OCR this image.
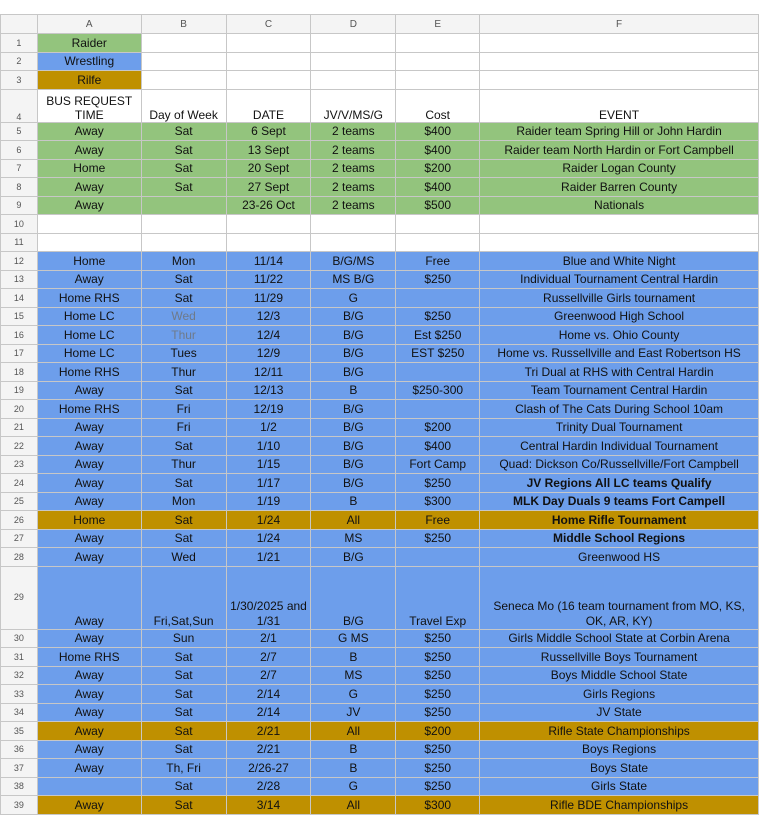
	A	B	C	D	E	F
1	Raider					
2	Wrestling					
3	Rilfe					
4	BUS REQUEST TIME	Day of Week	DATE	JV/V/MS/G	Cost	EVENT
5	Away	Sat	6 Sept	2 teams	$400	Raider team Spring Hill or John Hardin
6	Away	Sat	13 Sept	2 teams	$400	Raider team North Hardin or Fort Campbell
7	Home	Sat	20 Sept	2 teams	$200	Raider Logan County
8	Away	Sat	27 Sept	2 teams	$400	Raider Barren County
9	Away		23-26 Oct	2 teams	$500	Nationals
10						
11						
12	Home	Mon	11/14	B/G/MS	Free	Blue and White Night
13	Away	Sat	11/22	MS B/G	$250	Individual Tournament Central Hardin
14	Home RHS	Sat	11/29	G		Russellville Girls tournament
15	Home LC	Wed	12/3	B/G	$250	Greenwood High School
16	Home LC	Thur	12/4	B/G	Est $250	Home vs. Ohio County
17	Home LC	Tues	12/9	B/G	EST $250	Home vs. Russellville and East Robertson HS
18	Home RHS	Thur	12/11	B/G		Tri Dual at RHS with Central Hardin
19	Away	Sat	12/13	B	$250-300	Team Tournament Central Hardin
20	Home RHS	Fri	12/19	B/G		Clash of The Cats During School 10am
21	Away	Fri	1/2	B/G	$200	Trinity Dual Tournament
22	Away	Sat	1/10	B/G	$400	Central Hardin Individual Tournament
23	Away	Thur	1/15	B/G	Fort Camp	Quad: Dickson Co/Russellville/Fort Campbell
24	Away	Sat	1/17	B/G	$250	JV Regions All LC teams Qualify
25	Away	Mon	1/19	B	$300	MLK Day Duals 9 teams Fort Campell
26	Home	Sat	1/24	All	Free	Home Rifle Tournament
27	Away	Sat	1/24	MS	$250	Middle School Regions
28	Away	Wed	1/21	B/G		Greenwood HS
29	Away	Fri,Sat,Sun	1/30/2025 and 1/31	B/G	Travel Exp	Seneca Mo (16 team tournament from MO, KS, OK, AR, KY)
30	Away	Sun	2/1	G MS	$250	Girls Middle School State at Corbin Arena
31	Home RHS	Sat	2/7	B	$250	Russellville Boys Tournament
32	Away	Sat	2/7	MS	$250	Boys Middle School State
33	Away	Sat	2/14	G	$250	Girls Regions
34	Away	Sat	2/14	JV	$250	JV State
35	Away	Sat	2/21	All	$200	Rifle State Championships
36	Away	Sat	2/21	B	$250	Boys Regions
37	Away	Th, Fri	2/26-27	B	$250	Boys State
38		Sat	2/28	G	$250	Girls State
39	Away	Sat	3/14	All	$300	Rifle BDE Championships
